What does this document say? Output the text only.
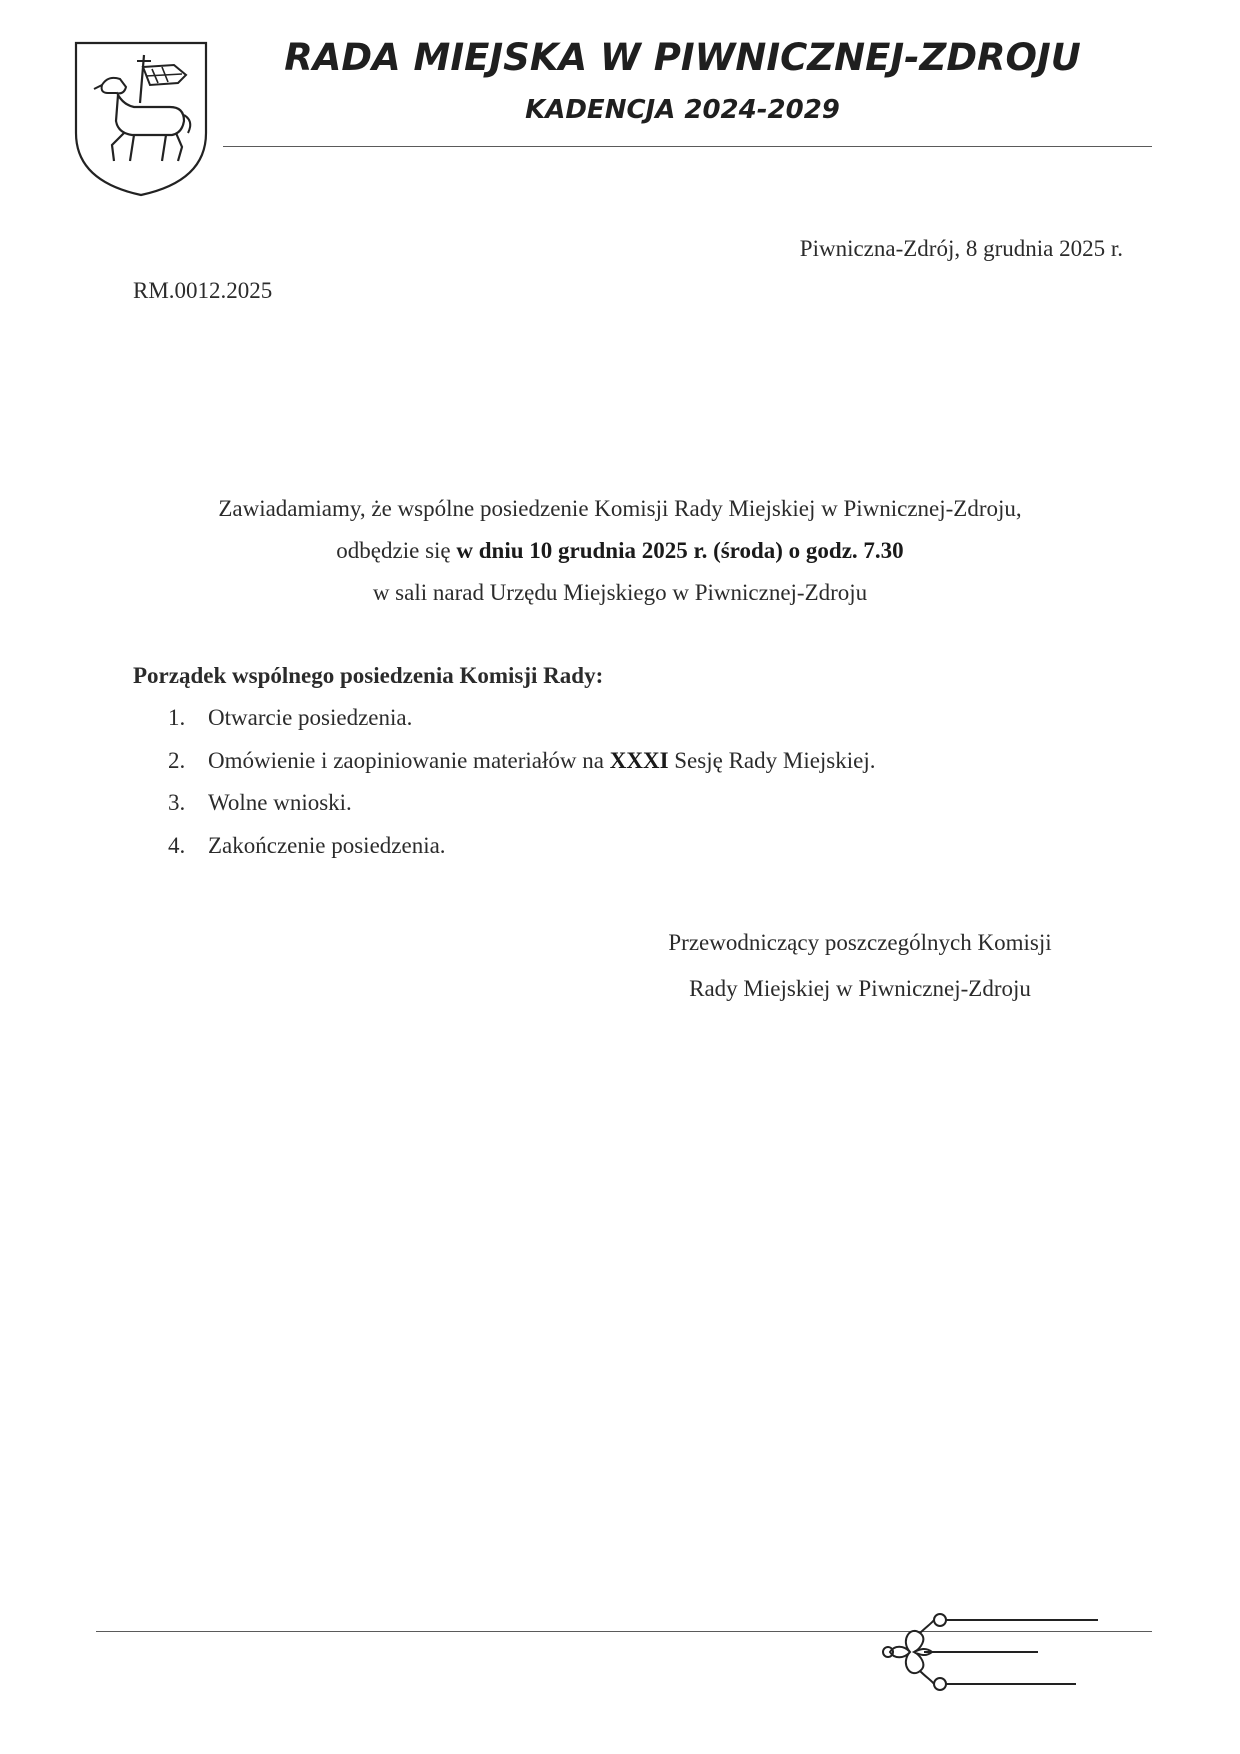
RADA MIEJSKA W PIWNICZNEJ-ZDROJU
KADENCJA 2024-2029
Piwniczna-Zdrój, 8 grudnia 2025 r.
RM.0012.2025
Zawiadamiamy, że wspólne posiedzenie Komisji Rady Miejskiej w Piwnicznej-Zdroju,
odbędzie się w dniu 10 grudnia 2025 r. (środa) o godz. 7.30
w sali narad Urzędu Miejskiego w Piwnicznej-Zdroju
Porządek wspólnego posiedzenia Komisji Rady:
1. Otwarcie posiedzenia.
2. Omówienie i zaopiniowanie materiałów na XXXI Sesję Rady Miejskiej.
3. Wolne wnioski.
4. Zakończenie posiedzenia.
Przewodniczący poszczególnych Komisji
Rady Miejskiej w Piwnicznej-Zdroju
